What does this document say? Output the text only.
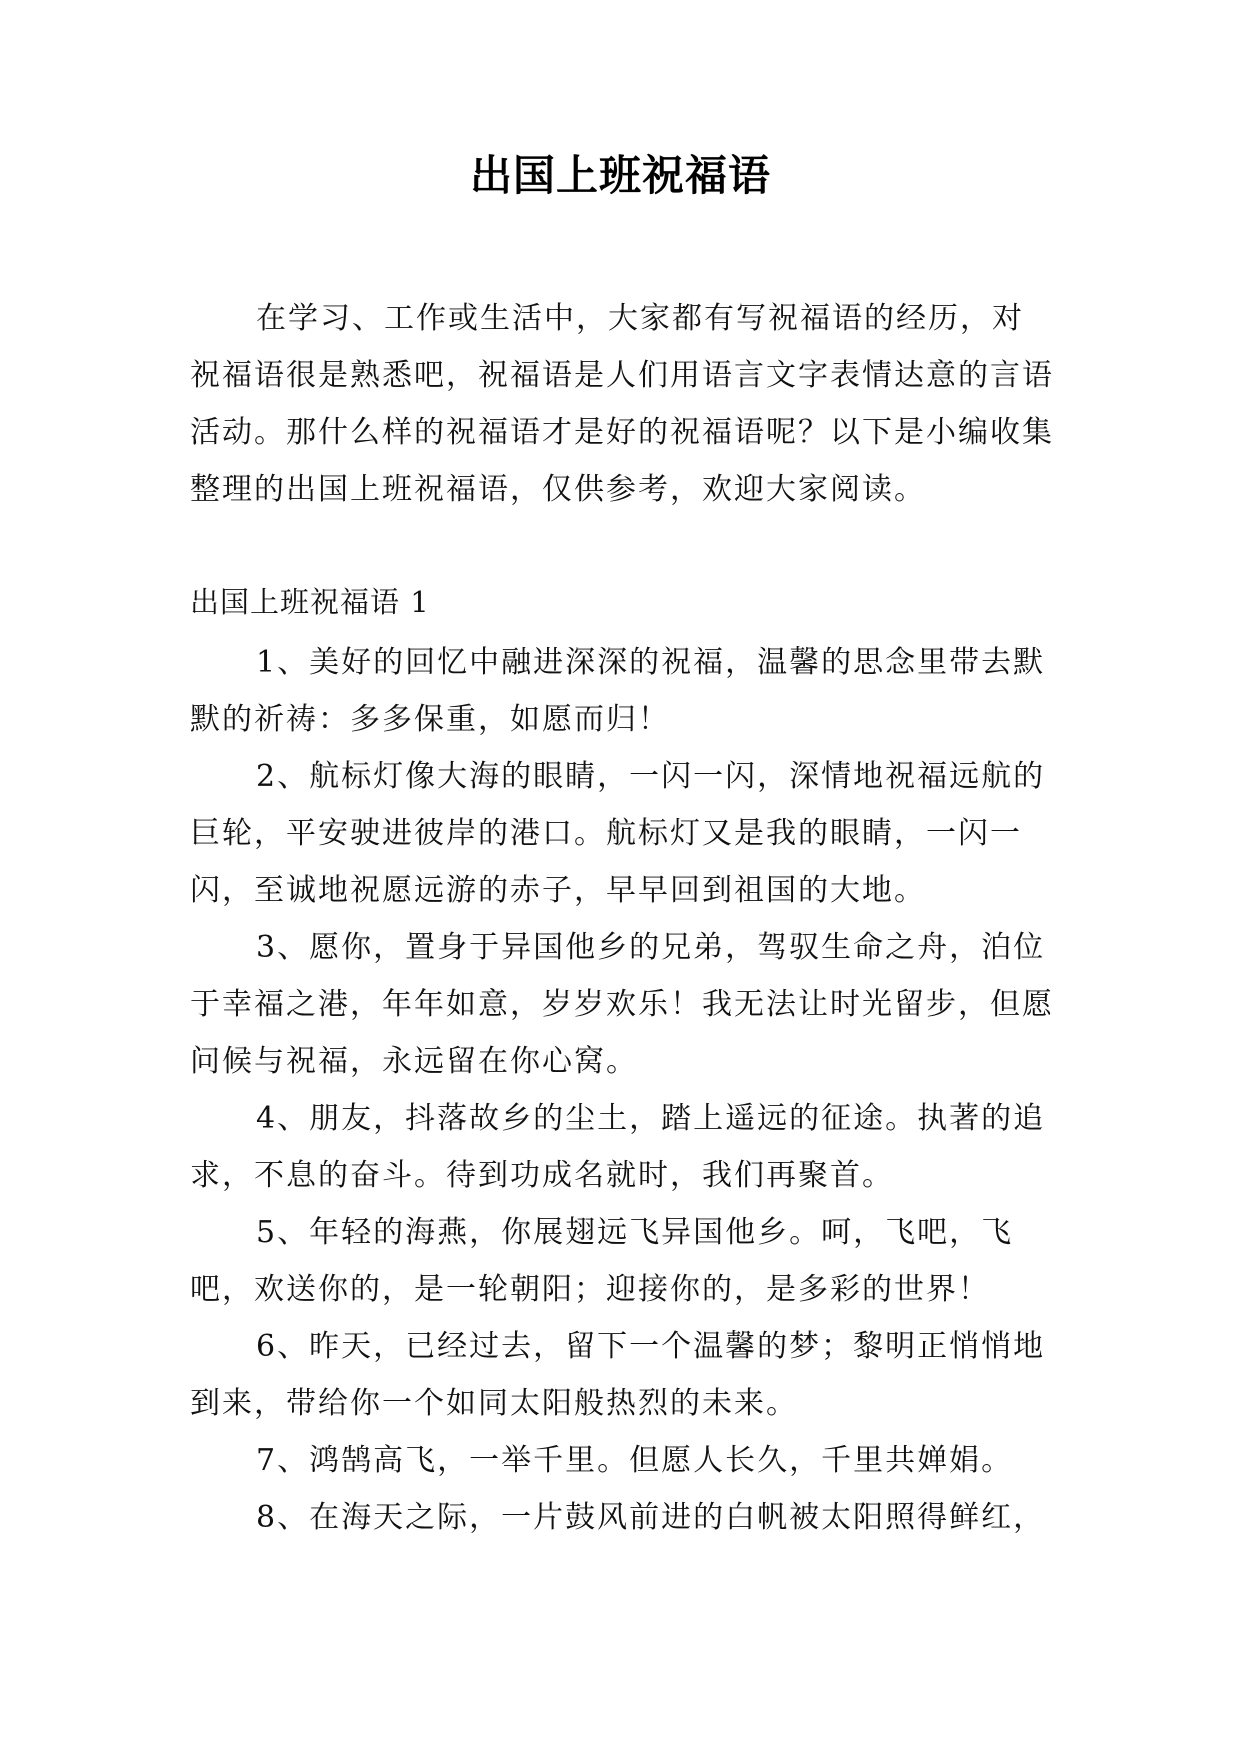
出国上班祝福语

在学习、工作或生活中，大家都有写祝福语的经历，对祝福语很是熟悉吧，祝福语是人们用语言文字表情达意的言语活动。那什么样的祝福语才是好的祝福语呢？以下是小编收集整理的出国上班祝福语，仅供参考，欢迎大家阅读。

出国上班祝福语 1

1、美好的回忆中融进深深的祝福，温馨的思念里带去默默的祈祷：多多保重，如愿而归！

2、航标灯像大海的眼睛，一闪一闪，深情地祝福远航的巨轮，平安驶进彼岸的港口。航标灯又是我的眼睛，一闪一闪，至诚地祝愿远游的赤子，早早回到祖国的大地。

3、愿你，置身于异国他乡的兄弟，驾驭生命之舟，泊位于幸福之港，年年如意，岁岁欢乐！我无法让时光留步，但愿问候与祝福，永远留在你心窝。

4、朋友，抖落故乡的尘土，踏上遥远的征途。执著的追求，不息的奋斗。待到功成名就时，我们再聚首。

5、年轻的海燕，你展翅远飞异国他乡。呵，飞吧，飞吧，欢送你的，是一轮朝阳；迎接你的，是多彩的世界！

6、昨天，已经过去，留下一个温馨的梦；黎明正悄悄地到来，带给你一个如同太阳般热烈的未来。

7、鸿鹄高飞，一举千里。但愿人长久，千里共婵娟。

8、在海天之际，一片鼓风前进的白帆被太阳照得鲜红，
